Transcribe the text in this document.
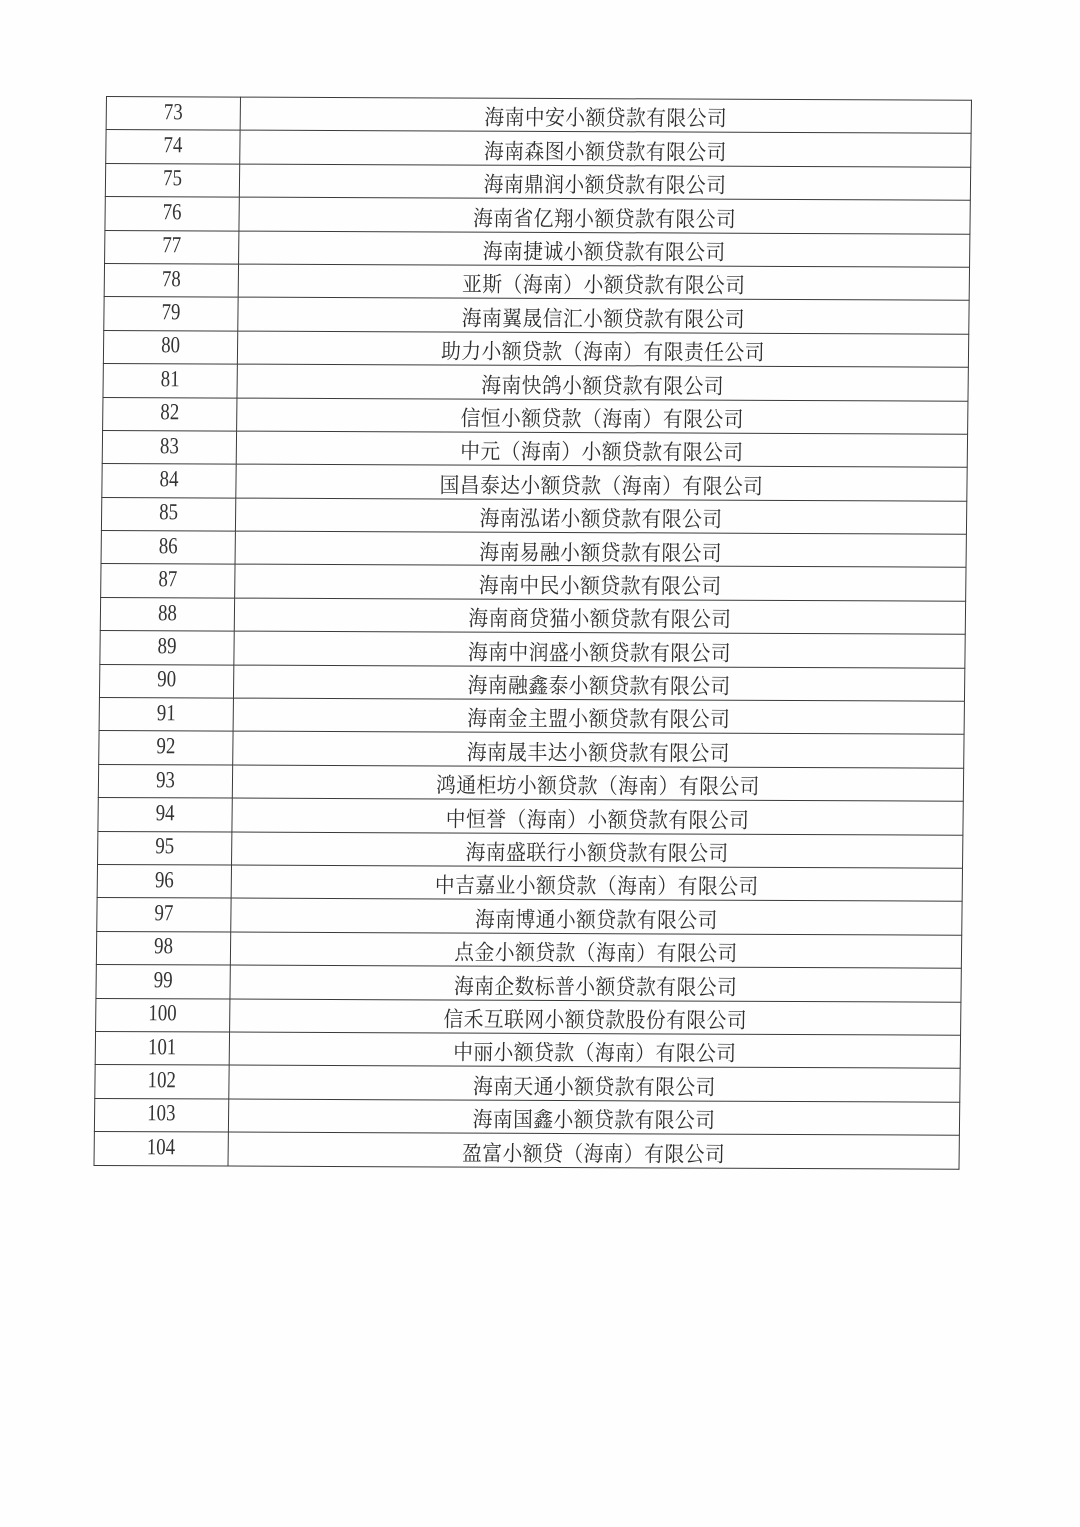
73	海南中安小额贷款有限公司
74	海南森图小额贷款有限公司
75	海南鼎润小额贷款有限公司
76	海南省亿翔小额贷款有限公司
77	海南捷诚小额贷款有限公司
78	亚斯（海南）小额贷款有限公司
79	海南翼晟信汇小额贷款有限公司
80	助力小额贷款（海南）有限责任公司
81	海南快鸽小额贷款有限公司
82	信恒小额贷款（海南）有限公司
83	中元（海南）小额贷款有限公司
84	国昌泰达小额贷款（海南）有限公司
85	海南泓诺小额贷款有限公司
86	海南易融小额贷款有限公司
87	海南中民小额贷款有限公司
88	海南商贷猫小额贷款有限公司
89	海南中润盛小额贷款有限公司
90	海南融鑫泰小额贷款有限公司
91	海南金主盟小额贷款有限公司
92	海南晟丰达小额贷款有限公司
93	鸿通柜坊小额贷款（海南）有限公司
94	中恒誉（海南）小额贷款有限公司
95	海南盛联行小额贷款有限公司
96	中吉嘉业小额贷款（海南）有限公司
97	海南博通小额贷款有限公司
98	点金小额贷款（海南）有限公司
99	海南企数标普小额贷款有限公司
100	信禾互联网小额贷款股份有限公司
101	中丽小额贷款（海南）有限公司
102	海南天通小额贷款有限公司
103	海南国鑫小额贷款有限公司
104	盈富小额贷（海南）有限公司
